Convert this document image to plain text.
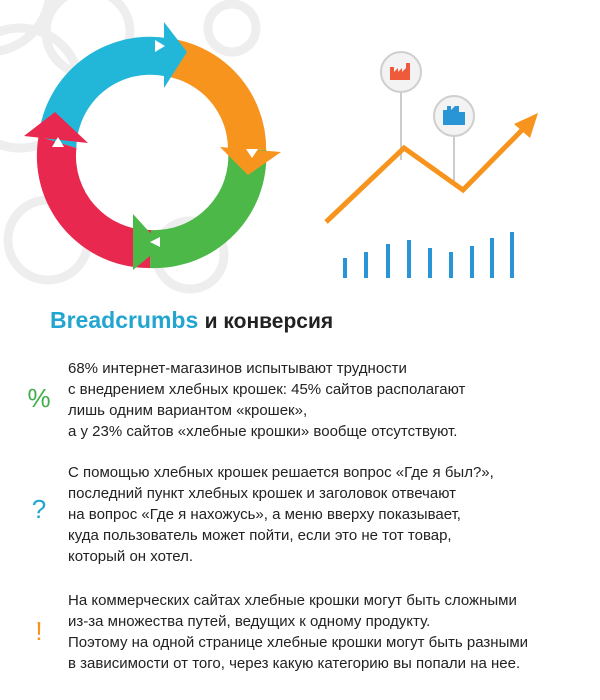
Breadcrumbs и конверсия
%

68% интернет-магазинов испытывают трудности
с внедрением хлебных крошек: 45% сайтов располагают
лишь одним вариантом «крошек»,
а у 23% сайтов «хлебные крошки» вообще отсутствуют.

?

С помощью хлебных крошек решается вопрос «Где я был?»,
последний пункт хлебных крошек и заголовок отвечают
на вопрос «Где я нахожусь», а меню вверху показывает,
куда пользователь может пойти, если это не тот товар,
который он хотел.

!

На коммерческих сайтах хлебные крошки могут быть сложными
из-за множества путей, ведущих к одному продукту.
Поэтому на одной странице хлебные крошки могут быть разными
в зависимости от того, через какую категорию вы попали на нее.
